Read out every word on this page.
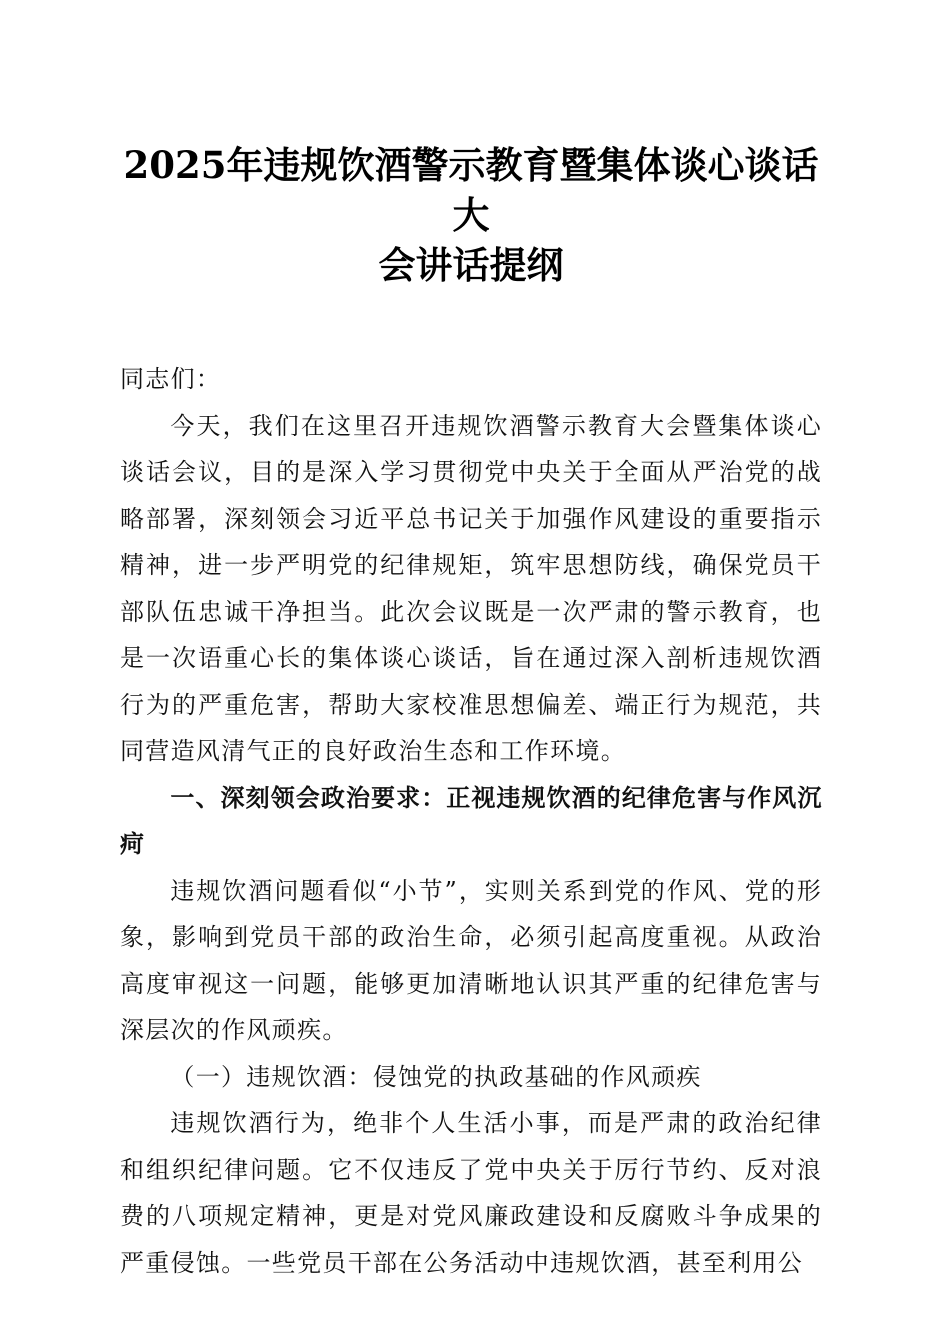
2025年违规饮酒警示教育暨集体谈心谈话大
会讲话提纲

同志们：

今天，我们在这里召开违规饮酒警示教育大会暨集体谈心谈话会议，目的是深入学习贯彻党中央关于全面从严治党的战略部署，深刻领会习近平总书记关于加强作风建设的重要指示精神，进一步严明党的纪律规矩，筑牢思想防线，确保党员干部队伍忠诚干净担当。此次会议既是一次严肃的警示教育，也是一次语重心长的集体谈心谈话，旨在通过深入剖析违规饮酒行为的严重危害，帮助大家校准思想偏差、端正行为规范，共同营造风清气正的良好政治生态和工作环境。

一、深刻领会政治要求：正视违规饮酒的纪律危害与作风沉疴

违规饮酒问题看似“小节”，实则关系到党的作风、党的形象，影响到党员干部的政治生命，必须引起高度重视。从政治高度审视这一问题，能够更加清晰地认识其严重的纪律危害与深层次的作风顽疾。

（一）违规饮酒：侵蚀党的执政基础的作风顽疾

违规饮酒行为，绝非个人生活小事，而是严肃的政治纪律和组织纪律问题。它不仅违反了党中央关于厉行节约、反对浪费的八项规定精神，更是对党风廉政建设和反腐败斗争成果的严重侵蚀。一些党员干部在公务活动中违规饮酒，甚至利用公
